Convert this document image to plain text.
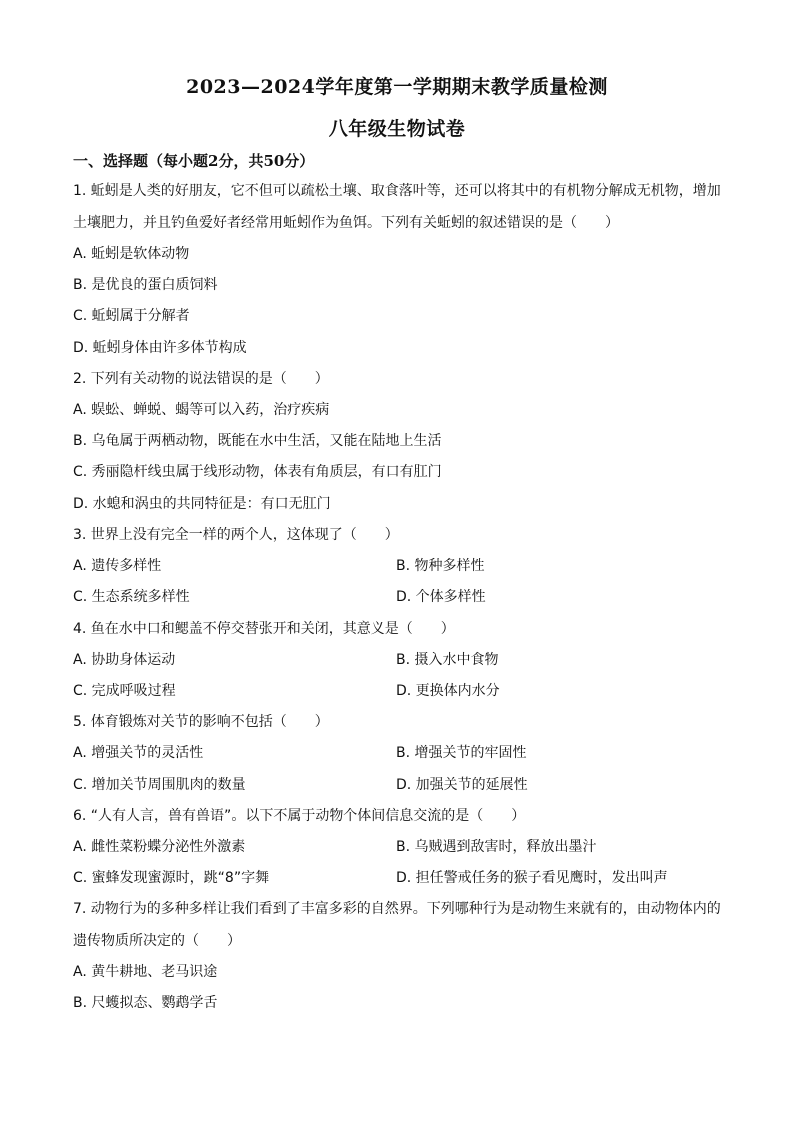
2023—2024学年度第一学期期末教学质量检测
八年级生物试卷
一、选择题（每小题2分，共50分）
1. 蚯蚓是人类的好朋友，它不但可以疏松土壤、取食落叶等，还可以将其中的有机物分解成无机物，增加
土壤肥力，并且钓鱼爱好者经常用蚯蚓作为鱼饵。下列有关蚯蚓的叙述错误的是（　　）
A. 蚯蚓是软体动物
B. 是优良的蛋白质饲料
C. 蚯蚓属于分解者
D. 蚯蚓身体由许多体节构成
2. 下列有关动物的说法错误的是（　　）
A. 蜈蚣、蝉蜕、蝎等可以入药，治疗疾病
B. 乌龟属于两栖动物，既能在水中生活，又能在陆地上生活
C. 秀丽隐杆线虫属于线形动物，体表有角质层，有口有肛门
D. 水螅和涡虫的共同特征是：有口无肛门
3. 世界上没有完全一样的两个人，这体现了（　　）
A. 遗传多样性	B. 物种多样性
C. 生态系统多样性	D. 个体多样性
4. 鱼在水中口和鳃盖不停交替张开和关闭，其意义是（　　）
A. 协助身体运动	B. 摄入水中食物
C. 完成呼吸过程	D. 更换体内水分
5. 体育锻炼对关节的影响不包括（　　）
A. 增强关节的灵活性	B. 增强关节的牢固性
C. 增加关节周围肌肉的数量	D. 加强关节的延展性
6. “人有人言，兽有兽语”。以下不属于动物个体间信息交流的是（　　）
A. 雌性菜粉蝶分泌性外激素	B. 乌贼遇到敌害时，释放出墨汁
C. 蜜蜂发现蜜源时，跳“8”字舞	D. 担任警戒任务的猴子看见鹰时，发出叫声
7. 动物行为的多种多样让我们看到了丰富多彩的自然界。下列哪种行为是动物生来就有的，由动物体内的
遗传物质所决定的（　　）
A. 黄牛耕地、老马识途
B. 尺蠖拟态、鹦鹉学舌
